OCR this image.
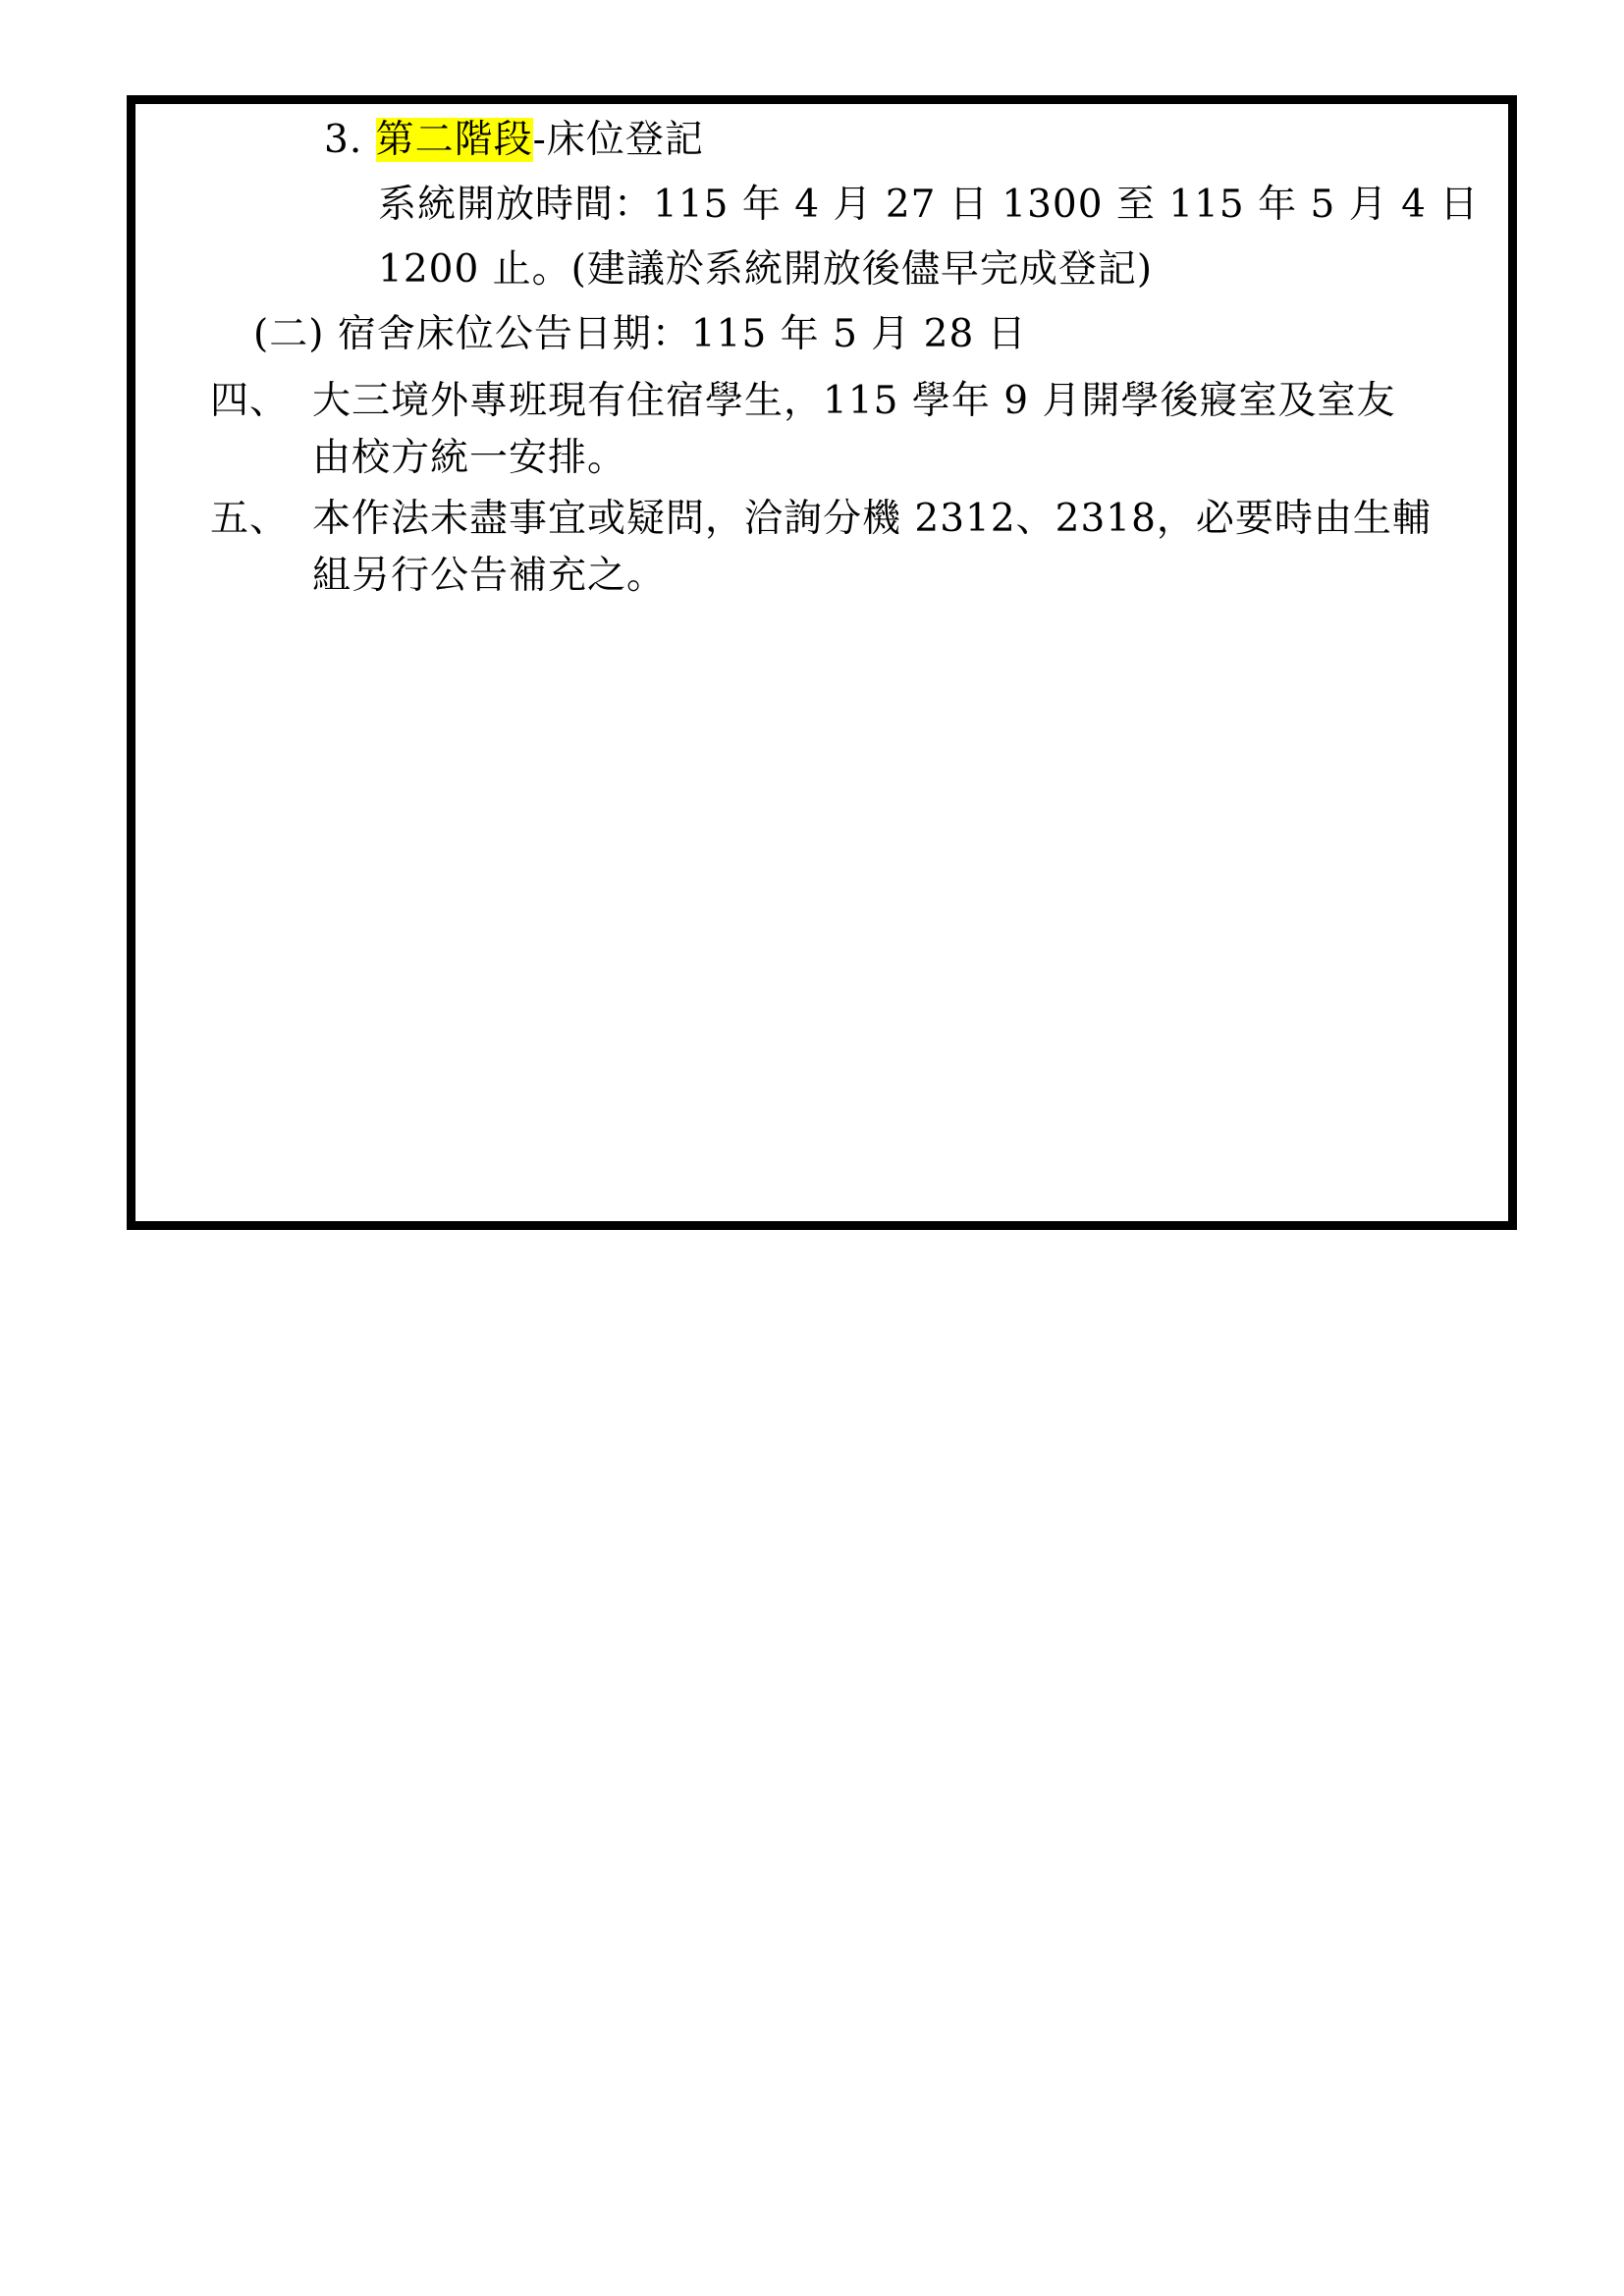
3. 第二階段-床位登記
系統開放時間：115 年 4 月 27 日 1300 至 115 年 5 月 4 日
1200 止。(建議於系統開放後儘早完成登記)
(二) 宿舍床位公告日期：115 年 5 月 28 日
四、 大三境外專班現有住宿學生，115 學年 9 月開學後寢室及室友
由校方統一安排。
五、 本作法未盡事宜或疑問，洽詢分機 2312、2318，必要時由生輔
組另行公告補充之。
